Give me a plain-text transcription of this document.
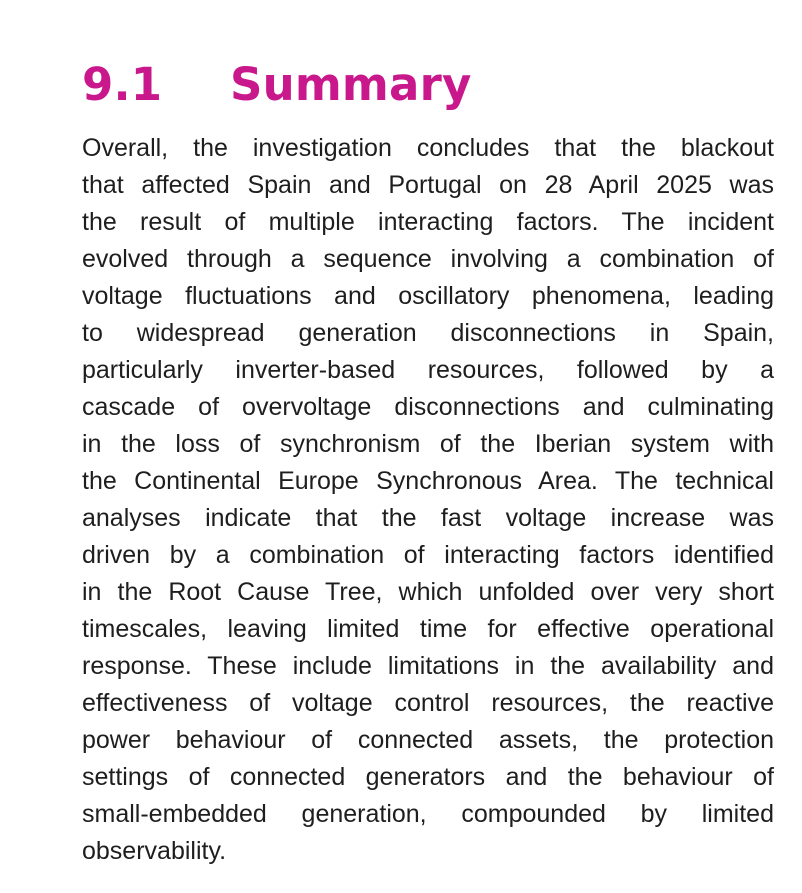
9.1	Summary
Overall, the investigation concludes that the blackout
that affected Spain and Portugal on 28 April 2025 was
the result of multiple interacting factors. The incident
evolved through a sequence involving a combination of
voltage fluctuations and oscillatory phenomena, leading
to widespread generation disconnections in Spain,
particularly inverter-based resources, followed by a
cascade of overvoltage disconnections and culminating
in the loss of synchronism of the Iberian system with
the Continental Europe Synchronous Area. The technical
analyses indicate that the fast voltage increase was
driven by a combination of interacting factors identified
in the Root Cause Tree, which unfolded over very short
timescales, leaving limited time for effective operational
response. These include limitations in the availability and
effectiveness of voltage control resources, the reactive
power behaviour of connected assets, the protection
settings of connected generators and the behaviour of
small-embedded generation, compounded by limited
observability.
